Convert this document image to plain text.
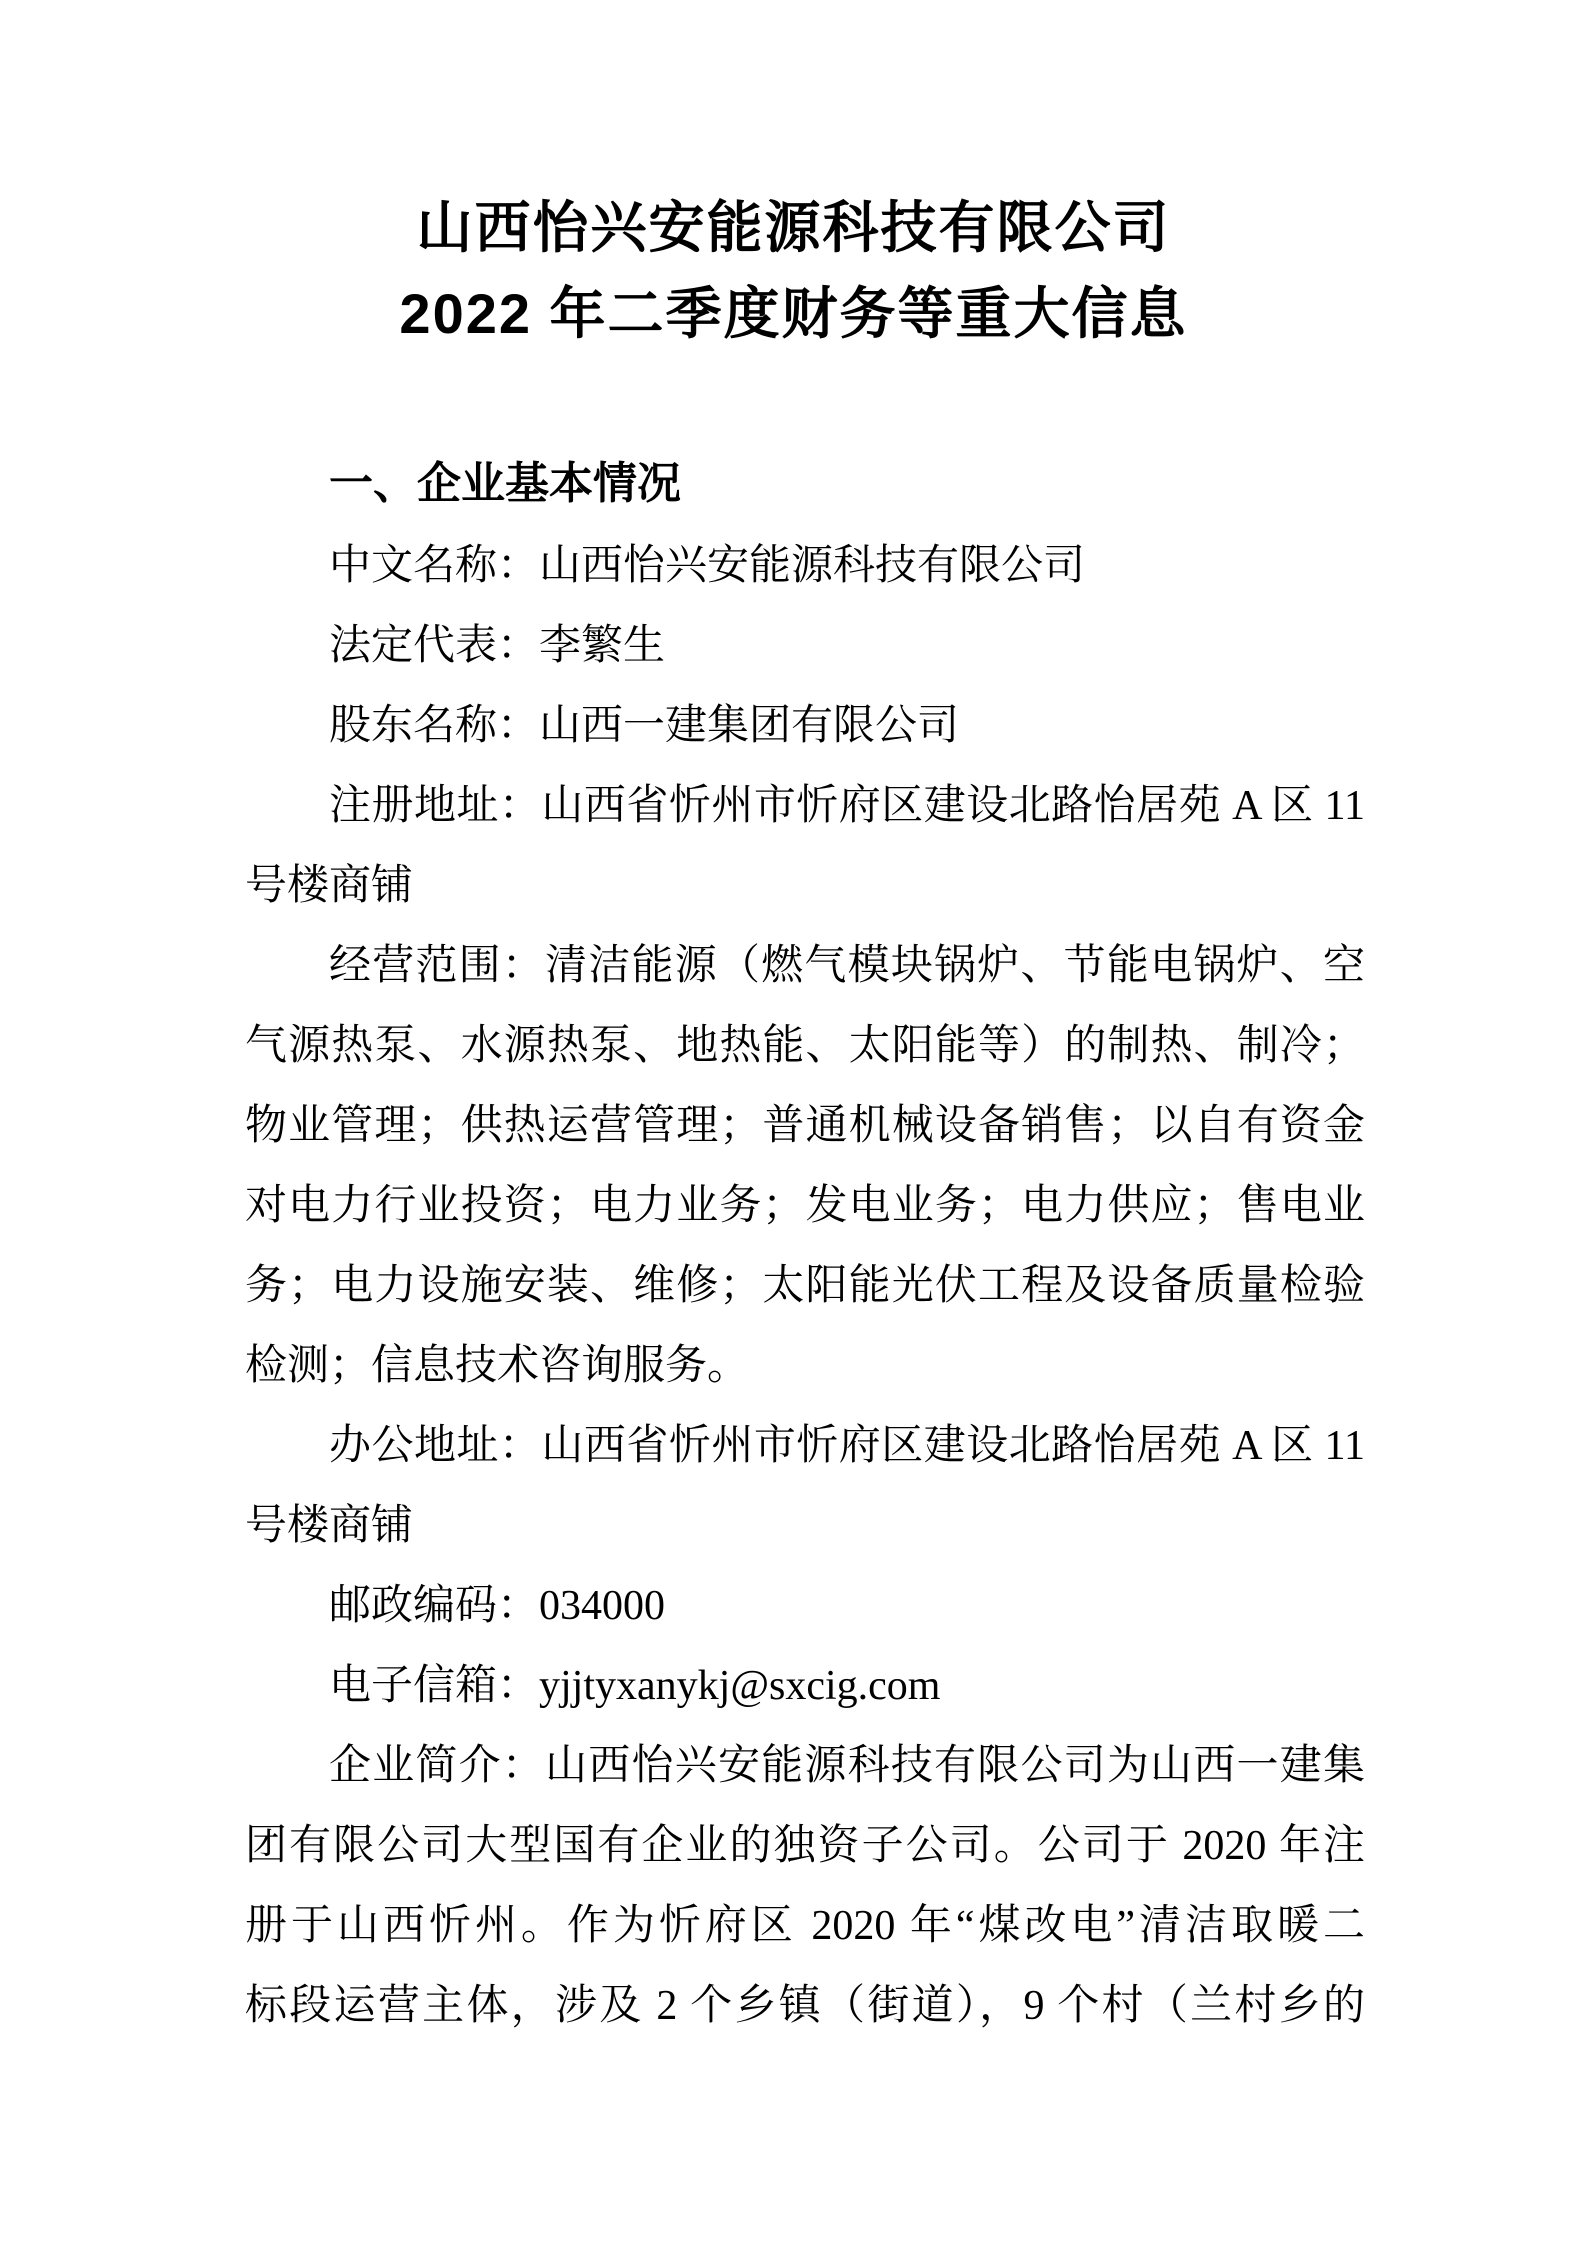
山西怡兴安能源科技有限公司
2022 年二季度财务等重大信息
一、企业基本情况
中文名称：山西怡兴安能源科技有限公司
法定代表：李繁生
股东名称：山西一建集团有限公司
注册地址：山西省忻州市忻府区建设北路怡居苑 A 区 11
号楼商铺
经营范围：清洁能源（燃气模块锅炉、节能电锅炉、空
气源热泵、水源热泵、地热能、太阳能等）的制热、制冷；
物业管理；供热运营管理；普通机械设备销售；以自有资金
对电力行业投资；电力业务；发电业务；电力供应；售电业
务；电力设施安装、维修；太阳能光伏工程及设备质量检验
检测；信息技术咨询服务。
办公地址：山西省忻州市忻府区建设北路怡居苑 A 区 11
号楼商铺
邮政编码：034000
电子信箱：yjjtyxanykj@sxcig.com
企业简介：山西怡兴安能源科技有限公司为山西一建集
团有限公司大型国有企业的独资子公司。公司于 2020 年注
册于山西忻州。作为忻府区 2020 年“煤改电”清洁取暖二
标段运营主体，涉及 2 个乡镇（街道），9 个村（兰村乡的
